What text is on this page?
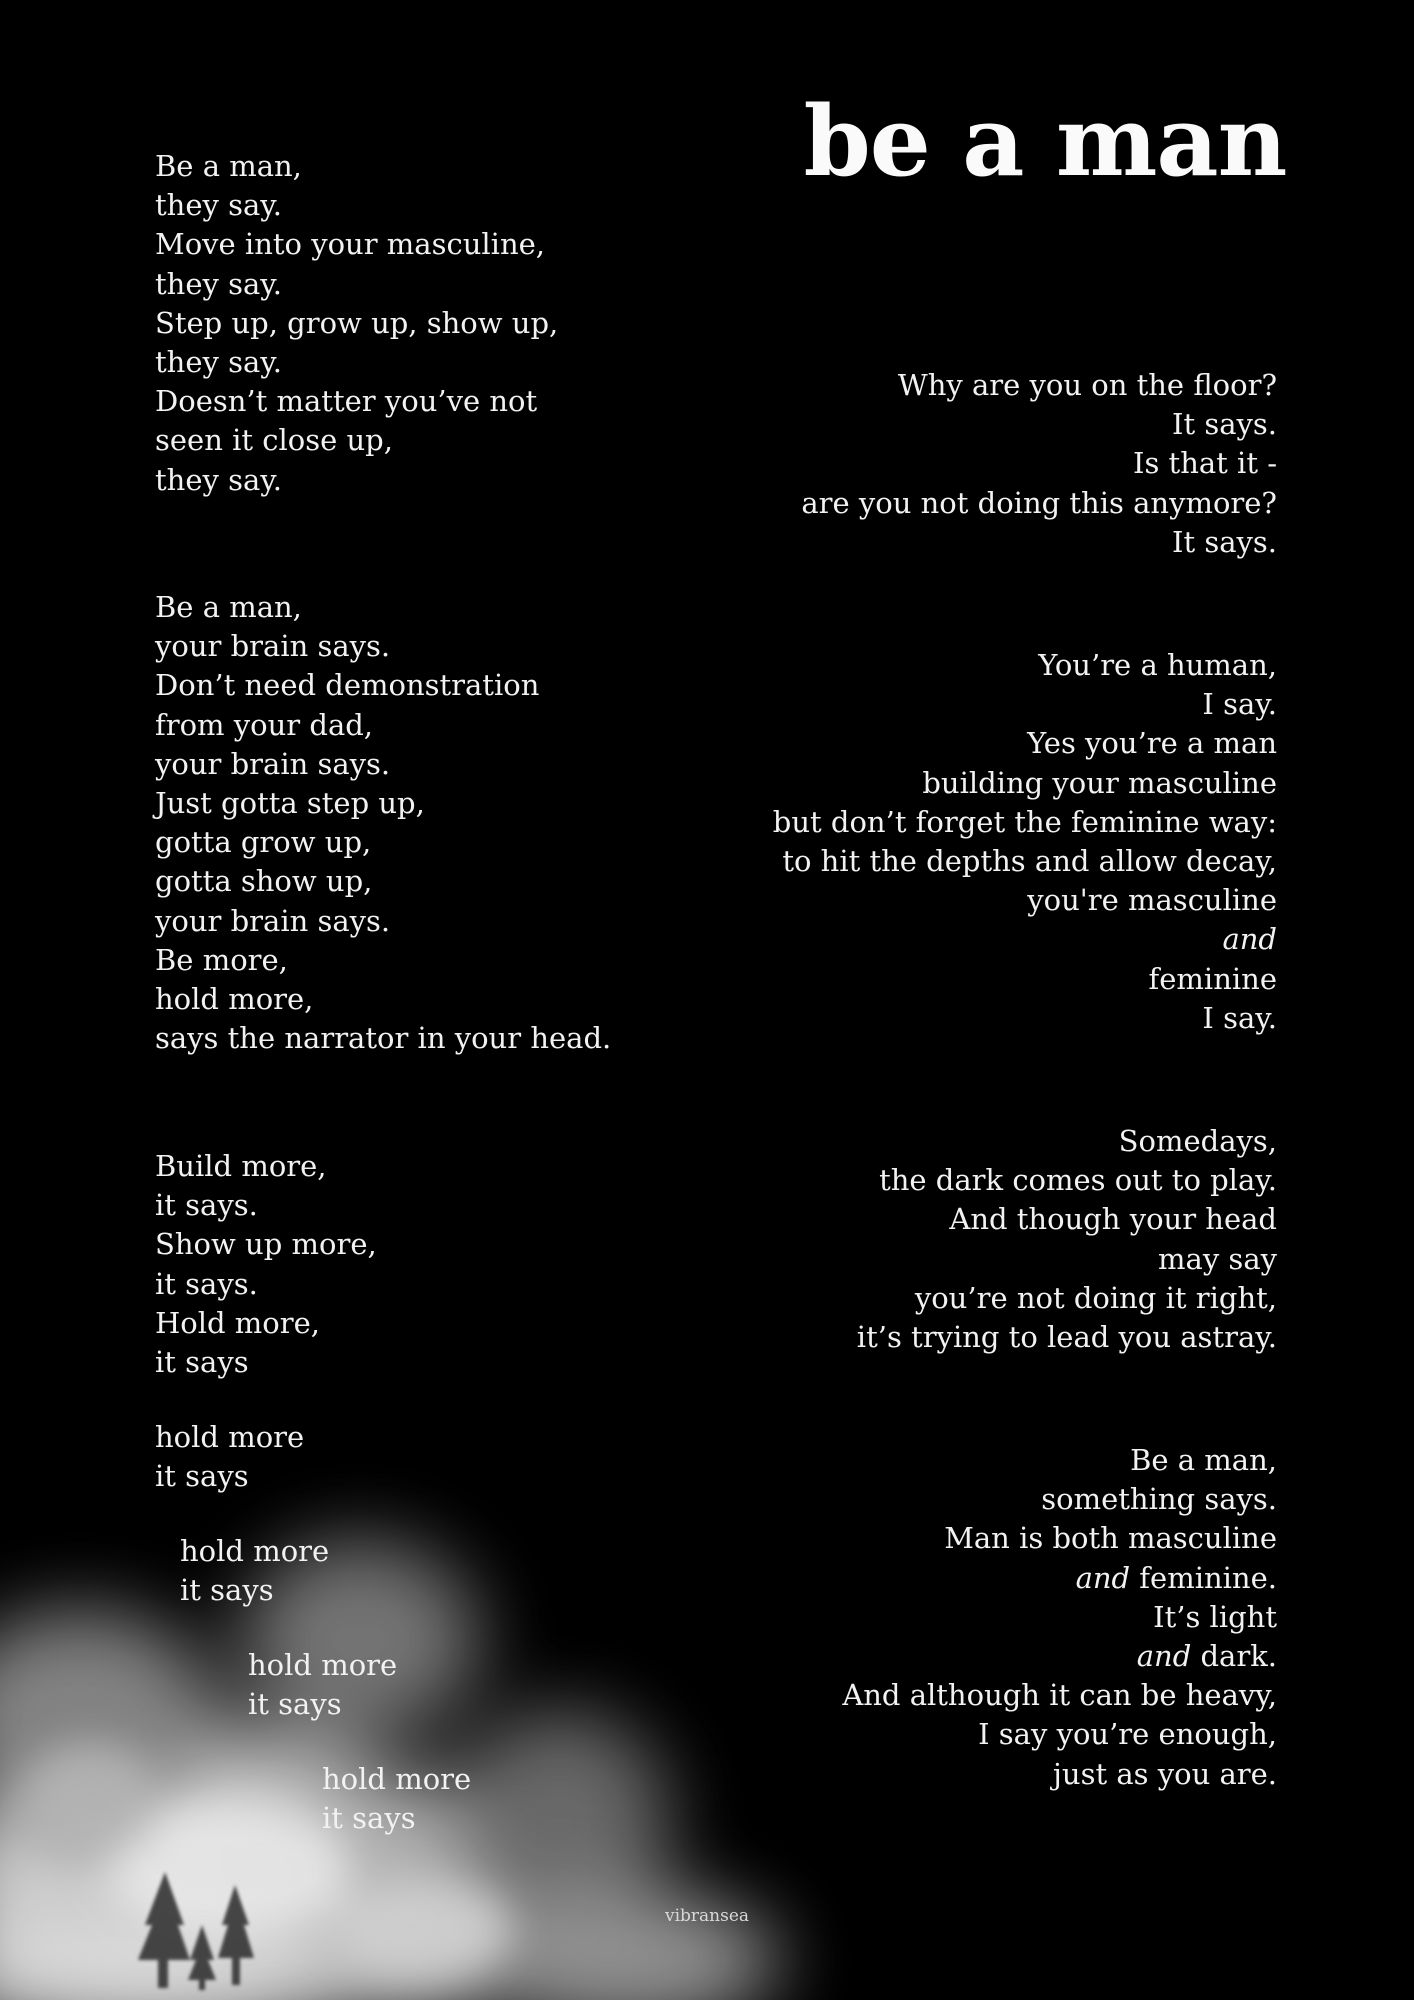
be a man
Be a man,
they say.
Move into your masculine,
they say.
Step up, grow up, show up,
they say.
Doesn’t matter you’ve not
seen it close up,
they say.
Be a man,
your brain says.
Don’t need demonstration
from your dad,
your brain says.
Just gotta step up,
gotta grow up,
gotta show up,
your brain says.
Be more,
hold more,
says the narrator in your head.
Build more,
it says.
Show up more,
it says.
Hold more,
it says
hold more
it says
hold more
it says
hold more
it says
hold more
it says
Why are you on the floor?
It says.
Is that it -
are you not doing this anymore?
It says.
You’re a human,
I say.
Yes you’re a man
building your masculine
but don’t forget the feminine way:
to hit the depths and allow decay,
you're masculine
and
feminine
I say.
Somedays,
the dark comes out to play.
And though your head
may say
you’re not doing it right,
it’s trying to lead you astray.
Be a man,
something says.
Man is both masculine
and feminine.
It’s light
and dark.
And although it can be heavy,
I say you’re enough,
just as you are.
vibransea
